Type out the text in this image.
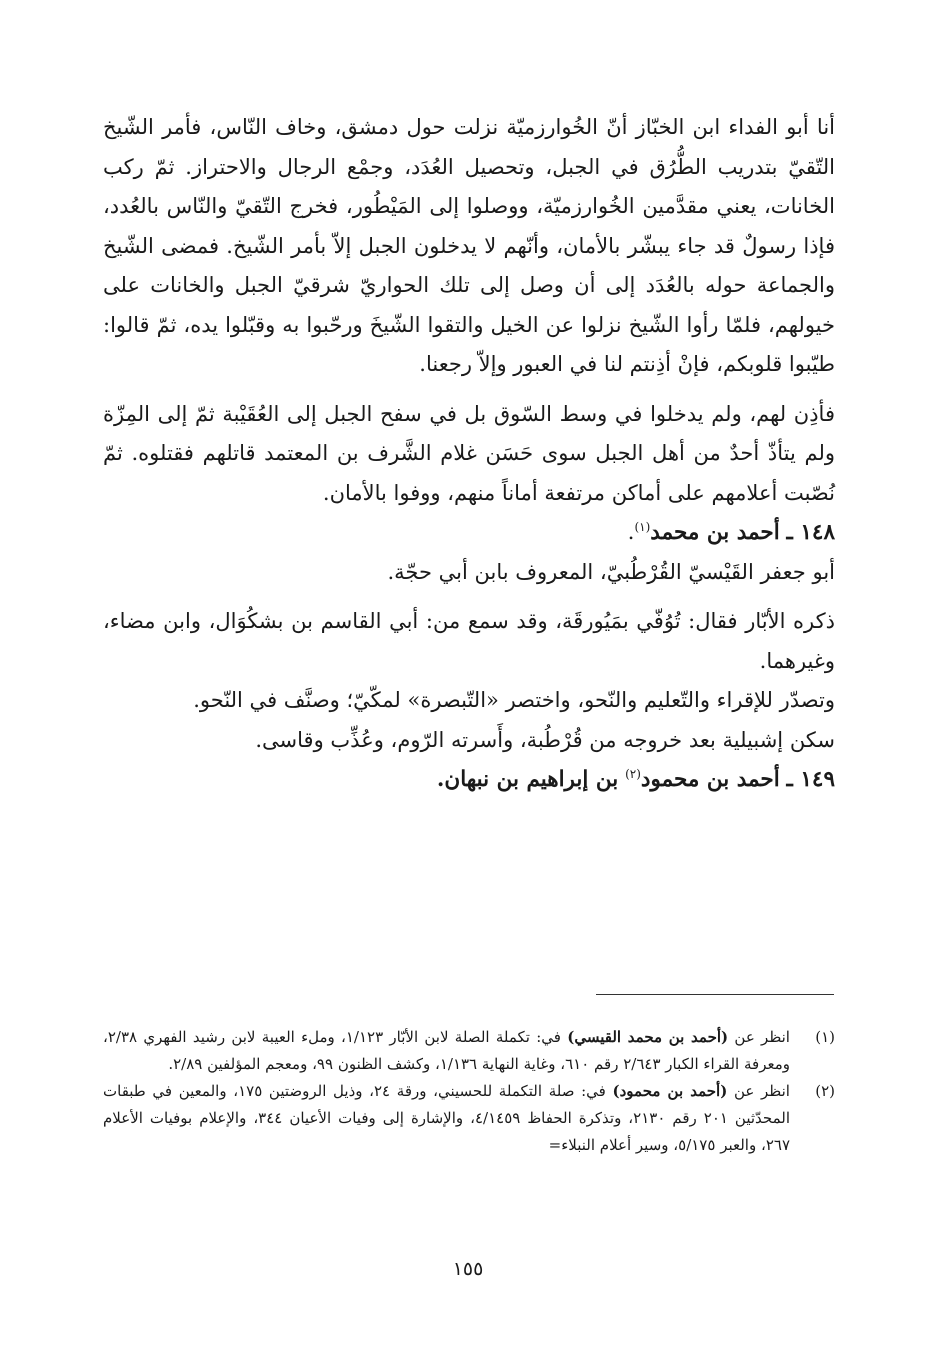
أنا أبو الفداء ابن الخبّاز أنّ الخُوارزميّة نزلت حول دمشق، وخاف النّاس، فأمر الشّيخ التّقيّ بتدريب الطُّرُق في الجبل، وتحصيل العُدَد، وجمْع الرجال والاحتراز. ثمّ ركب الخانات، يعني مقدَّمين الخُوارزميّة، ووصلوا إلى المَيْطُور، فخرج التّقيّ والنّاس بالعُدد، فإذا رسولٌ قد جاء يبشّر بالأمان، وأنّهم لا يدخلون الجبل إلاّ بأمر الشّيخ. فمضى الشّيخ والجماعة حوله بالعُدَد إلى أن وصل إلى تلك الحواريّ شرقيّ الجبل والخانات على خيولهم، فلمّا رأوا الشّيخ نزلوا عن الخيل والتقوا الشّيخَ ورحّبوا به وقبّلوا يده، ثمّ قالوا: طيّبوا قلوبكم، فإنْ أذِنتم لنا في العبور وإلاّ رجعنا.

فأذِن لهم، ولم يدخلوا في وسط السّوق بل في سفح الجبل إلى العُقَيْبة ثمّ إلى المِزّة ولم يتأذّ أحدٌ من أهل الجبل سوى حَسَن غلام الشَّرف بن المعتمد قاتلهم فقتلوه. ثمّ نُصّبت أعلامهم على أماكن مرتفعة أماناً منهم، ووفوا بالأمان.

١٤٨ ـ أحمد بن محمد$^{(١)}$.

أبو جعفر القَيْسيّ القُرْطُبيّ، المعروف بابن أبي حجّة.

ذكره الأبّار فقال: تُوُفّي بمَيُورقَة، وقد سمع من: أبي القاسم بن بشكُوَال، وابن مضاء، وغيرهما.

وتصدّر للإقراء والتّعليم والنّحو، واختصر «التّبصرة» لمكّيّ؛ وصنَّف في النّحو.

سكن إشبيلية بعد خروجه من قُرْطُبة، وأَسرته الرّوم، وعُذِّب وقاسى.

١٤٩ ـ أحمد بن محمود$^{(٢)}$ بن إبراهيم بن نبهان.

(١)
انظر عن (أحمد بن محمد القيسي) في: تكملة الصلة لابن الأبّار ١/١٢٣، وملء العيبة لابن رشيد الفهري ٢/٣٨، ومعرفة القراء الكبار ٢/٦٤٣ رقم ٦١٠، وغاية النهاية ١/١٣٦، وكشف الظنون ٩٩، ومعجم المؤلفين ٢/٨٩.
(٢)
انظر عن (أحمد بن محمود) في: صلة التكملة للحسيني، ورقة ٢٤، وذيل الروضتين ١٧٥، والمعين في طبقات المحدّثين ٢٠١ رقم ٢١٣٠، وتذكرة الحفاظ ٤/١٤٥٩، والإشارة إلى وفيات الأعيان ٣٤٤، والإعلام بوفيات الأعلام ٢٦٧، والعبر ٥/١٧٥، وسير أعلام النبلاء=
١٥٥
